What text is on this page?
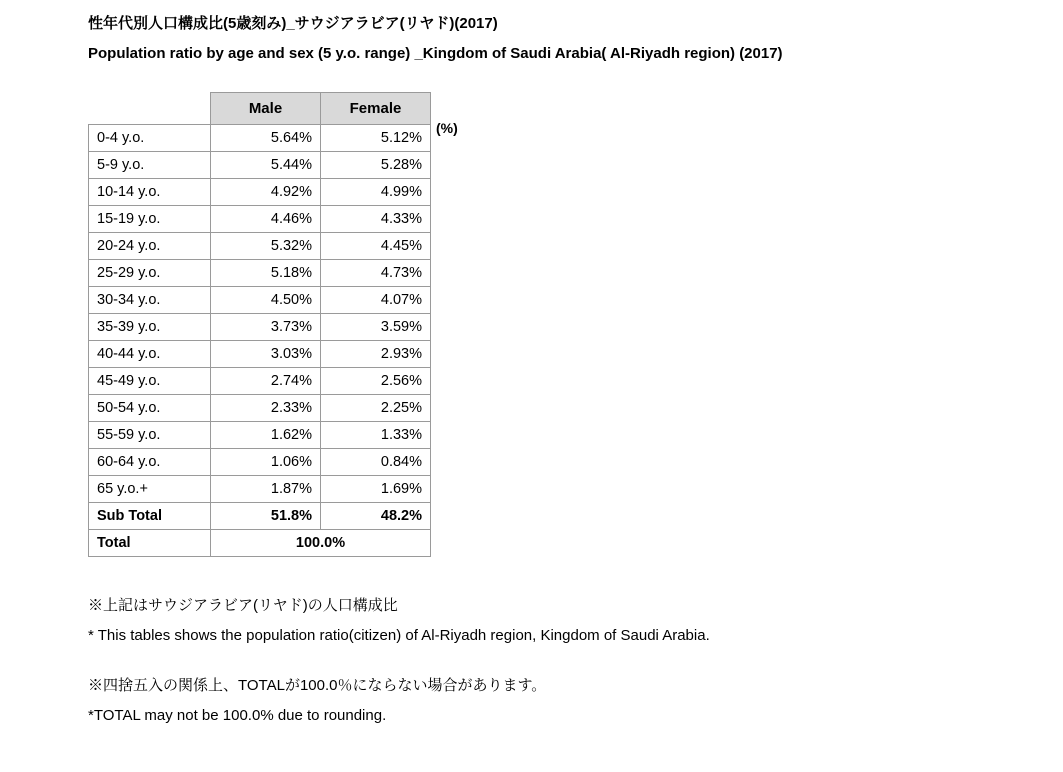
性年代別人口構成比(5歳刻み)_サウジアラビア(リヤド)(2017)
Population ratio by age and sex (5 y.o. range) _Kingdom of Saudi Arabia( Al-Riyadh region) (2017)
	Male	Female
0-4 y.o.	5.64%	5.12%
5-9 y.o.	5.44%	5.28%
10-14 y.o.	4.92%	4.99%
15-19 y.o.	4.46%	4.33%
20-24 y.o.	5.32%	4.45%
25-29 y.o.	5.18%	4.73%
30-34 y.o.	4.50%	4.07%
35-39 y.o.	3.73%	3.59%
40-44 y.o.	3.03%	2.93%
45-49 y.o.	2.74%	2.56%
50-54 y.o.	2.33%	2.25%
55-59 y.o.	1.62%	1.33%
60-64 y.o.	1.06%	0.84%
65 y.o.+	1.87%	1.69%
Sub Total	51.8%	48.2%
Total	100.0%	
(%)
※上記はサウジアラビア(リヤド)の人口構成比
* This tables shows the population ratio(citizen) of Al-Riyadh region, Kingdom of Saudi Arabia.
※四捨五入の関係上、TOTALが100.0％にならない場合があります。
*TOTAL may not be 100.0% due to rounding.
